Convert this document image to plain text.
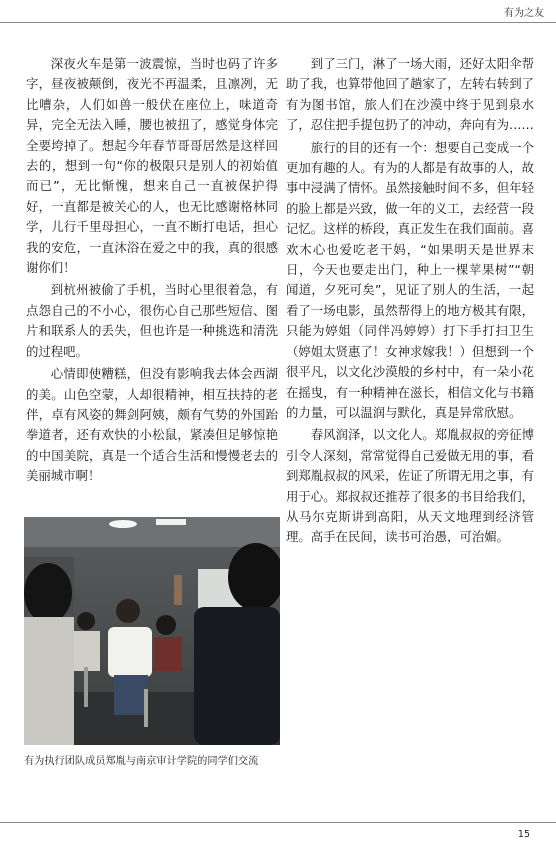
有为之友

深夜火车是第一波震惊，当时也码了许多字，昼夜被颠倒，夜光不再温柔，且凛冽，无比嘈杂，人们如兽一般伏在座位上，味道奇异，完全无法入睡，腰也被扭了，感觉身体完全要垮掉了。想起今年春节哥哥居然是这样回去的，想到一句“你的极限只是别人的初始值而已”，无比惭愧，想来自己一直被保护得好，一直都是被关心的人，也无比感谢格林同学，儿行千里母担心，一直不断打电话，担心我的安危，一直沐浴在爱之中的我，真的很感谢你们！

到杭州被偷了手机，当时心里很着急，有点怨自己的不小心，很伤心自己那些短信、图片和联系人的丢失，但也许是一种挑选和清洗的过程吧。

心情即使糟糕，但没有影响我去体会西湖的美。山色空蒙，人却很精神，相互扶持的老伴，卓有风姿的舞剑阿姨，颇有气势的外国跆拳道者，还有欢快的小松鼠，紧凑但足够惊艳的中国美院，真是一个适合生活和慢慢老去的美丽城市啊！

到了三门，淋了一场大雨，还好太阳伞帮助了我，也算带他回了趟家了，左转右转到了有为图书馆，旅人们在沙漠中终于见到泉水了，忍住把手提包扔了的冲动，奔向有为……

旅行的目的还有一个：想要自己变成一个更加有趣的人。有为的人都是有故事的人，故事中浸满了情怀。虽然接触时间不多，但年轻的脸上都是兴致，做一年的义工，去经营一段记忆。这样的桥段，真正发生在我们面前。喜欢木心也爱吃老干妈，“如果明天是世界末日，今天也要走出门，种上一棵苹果树”“朝闻道，夕死可矣”，见证了别人的生活，一起看了一场电影，虽然帮得上的地方极其有限，只能为婷姐（同伴冯婷婷）打下手打扫卫生（婷姐太贤惠了！女神求嫁我！）但想到一个很平凡，以文化沙漠般的乡村中，有一朵小花在摇曳，有一种精神在滋长，相信文化与书籍的力量，可以温润与默化，真是异常欣慰。

春风润泽，以文化人。郑胤叔叔的旁征博引令人深刻，常常觉得自己爱做无用的事，看到郑胤叔叔的风采，佐证了所谓无用之事，有用于心。郑叔叔还推荐了很多的书目给我们，从马尔克斯讲到高阳，从天文地理到经济管理。高手在民间，读书可治愚，可治媚。

有为执行团队成员郑胤与南京审计学院的同学们交流
15
